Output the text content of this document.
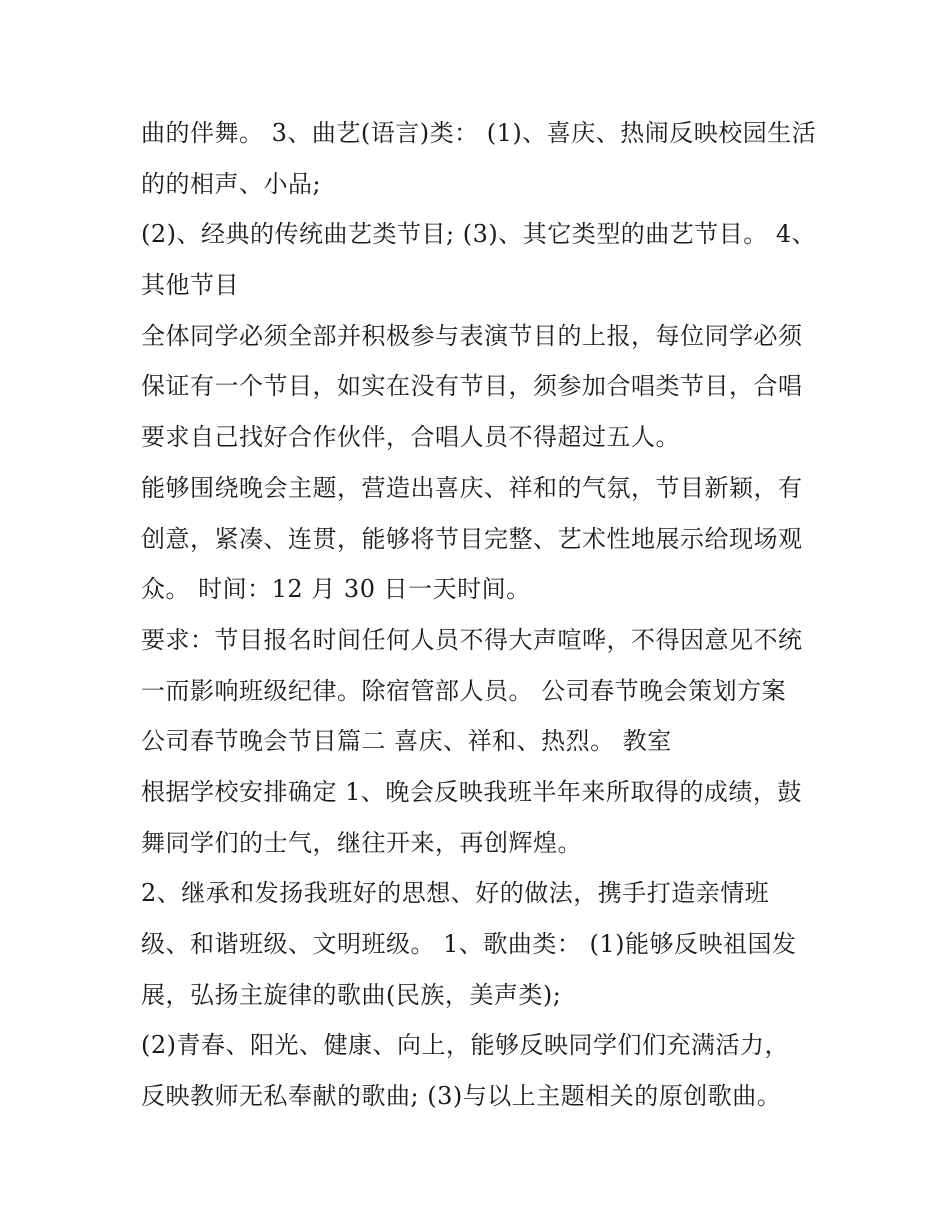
曲的伴舞。 3、曲艺(语言)类： (1)、喜庆、热闹反映校园生活
的的相声、小品;
(2)、经典的传统曲艺类节目; (3)、其它类型的曲艺节目。 4、
其他节目
全体同学必须全部并积极参与表演节目的上报，每位同学必须
保证有一个节目，如实在没有节目，须参加合唱类节目，合唱
要求自己找好合作伙伴，合唱人员不得超过五人。
能够围绕晚会主题，营造出喜庆、祥和的气氛，节目新颖，有
创意，紧凑、连贯，能够将节目完整、艺术性地展示给现场观
众。 时间：12 月 30 日一天时间。
要求：节目报名时间任何人员不得大声喧哗，不得因意见不统
一而影响班级纪律。除宿管部人员。 公司春节晚会策划方案
公司春节晚会节目篇二 喜庆、祥和、热烈。 教室
根据学校安排确定 1、晚会反映我班半年来所取得的成绩，鼓
舞同学们的士气，继往开来，再创辉煌。
2、继承和发扬我班好的思想、好的做法，携手打造亲情班
级、和谐班级、文明班级。 1、歌曲类： (1)能够反映祖国发
展，弘扬主旋律的歌曲(民族，美声类);
(2)青春、阳光、健康、向上，能够反映同学们们充满活力，
反映教师无私奉献的歌曲; (3)与以上主题相关的原创歌曲。
